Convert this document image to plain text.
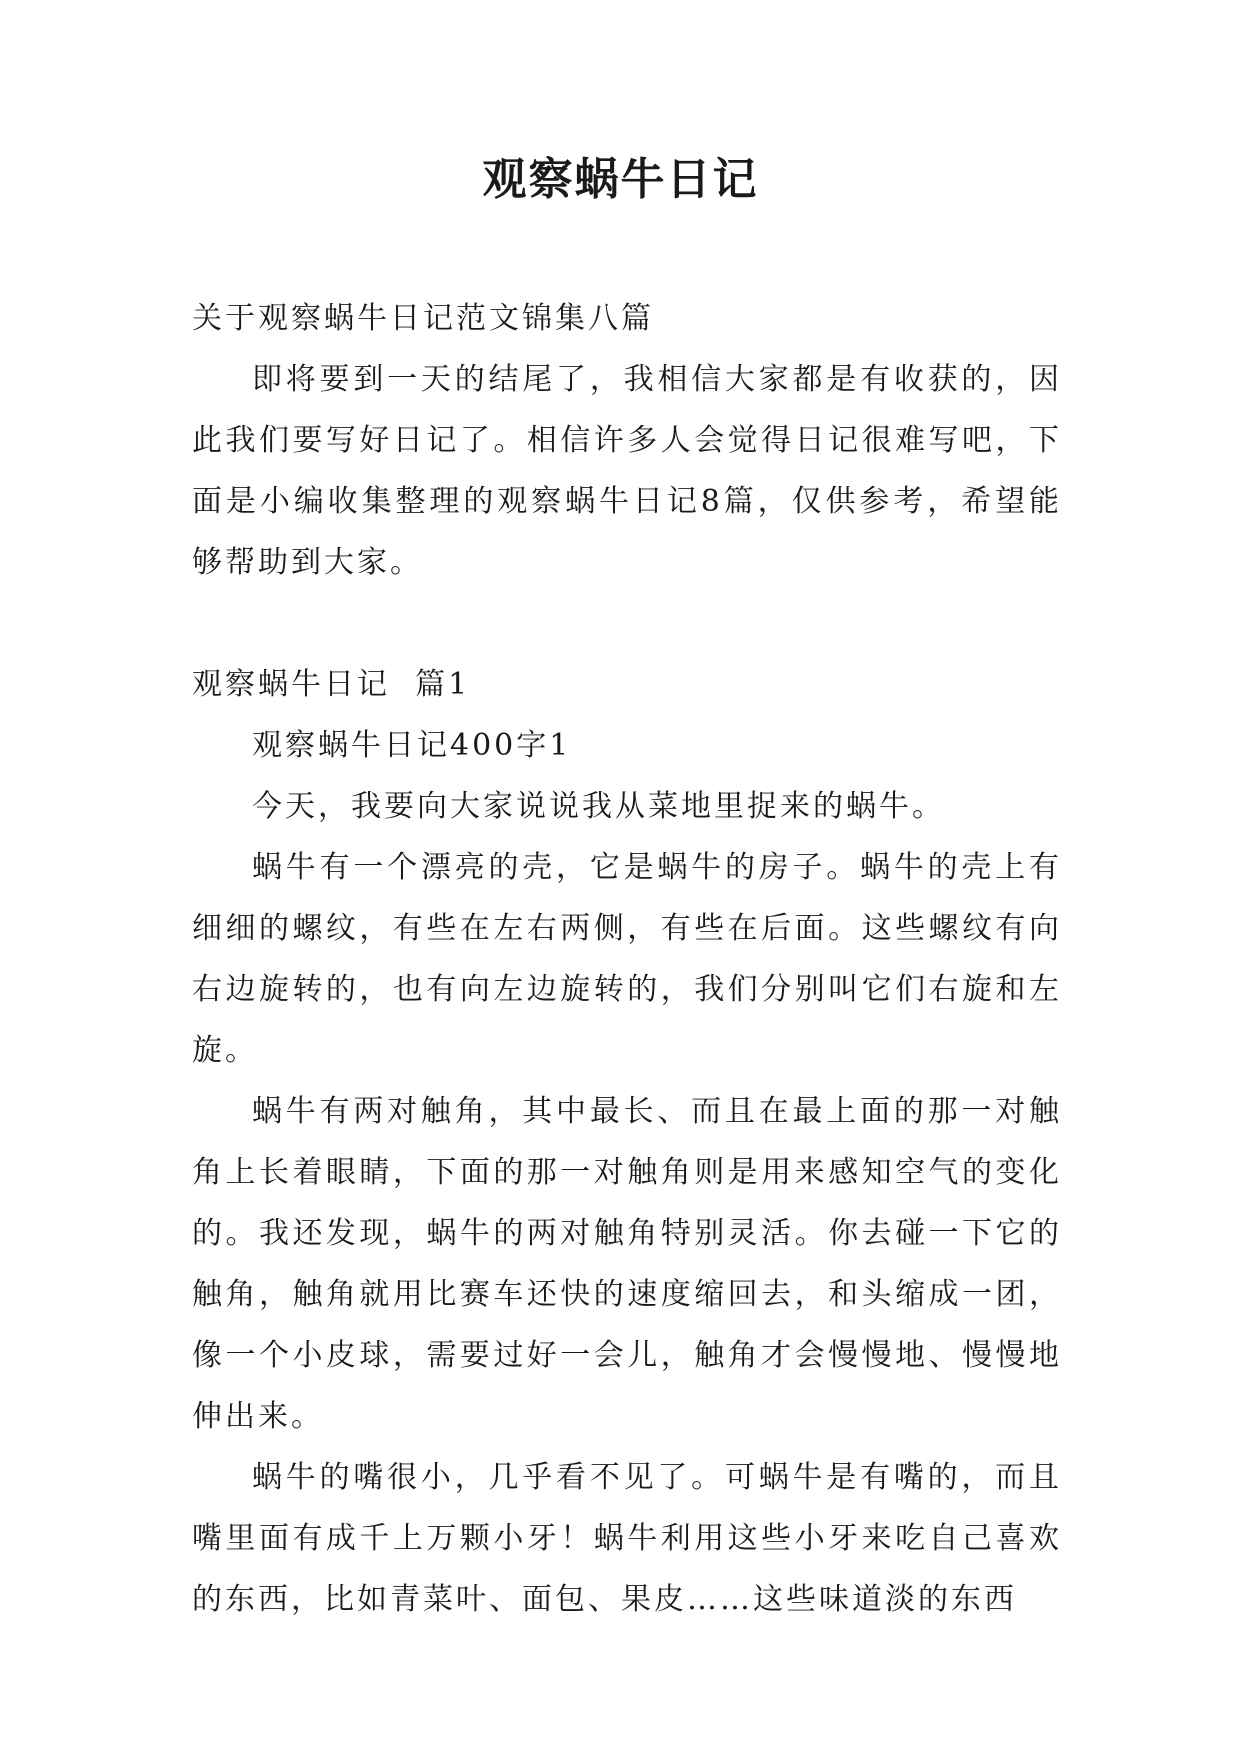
观察蜗牛日记

关于观察蜗牛日记范文锦集八篇

即将要到一天的结尾了，我相信大家都是有收获的，因此我们要写好日记了。相信许多人会觉得日记很难写吧，下面是小编收集整理的观察蜗牛日记8篇，仅供参考，希望能够帮助到大家。

观察蜗牛日记  篇1

观察蜗牛日记400字1

今天，我要向大家说说我从菜地里捉来的蜗牛。

蜗牛有一个漂亮的壳，它是蜗牛的房子。蜗牛的壳上有细细的螺纹，有些在左右两侧，有些在后面。这些螺纹有向右边旋转的，也有向左边旋转的，我们分别叫它们右旋和左旋。

蜗牛有两对触角，其中最长、而且在最上面的那一对触角上长着眼睛，下面的那一对触角则是用来感知空气的变化的。我还发现，蜗牛的两对触角特别灵活。你去碰一下它的触角，触角就用比赛车还快的速度缩回去，和头缩成一团，像一个小皮球，需要过好一会儿，触角才会慢慢地、慢慢地伸出来。

蜗牛的嘴很小，几乎看不见了。可蜗牛是有嘴的，而且嘴里面有成千上万颗小牙！蜗牛利用这些小牙来吃自己喜欢的东西，比如青菜叶、面包、果皮……这些味道淡的东西
